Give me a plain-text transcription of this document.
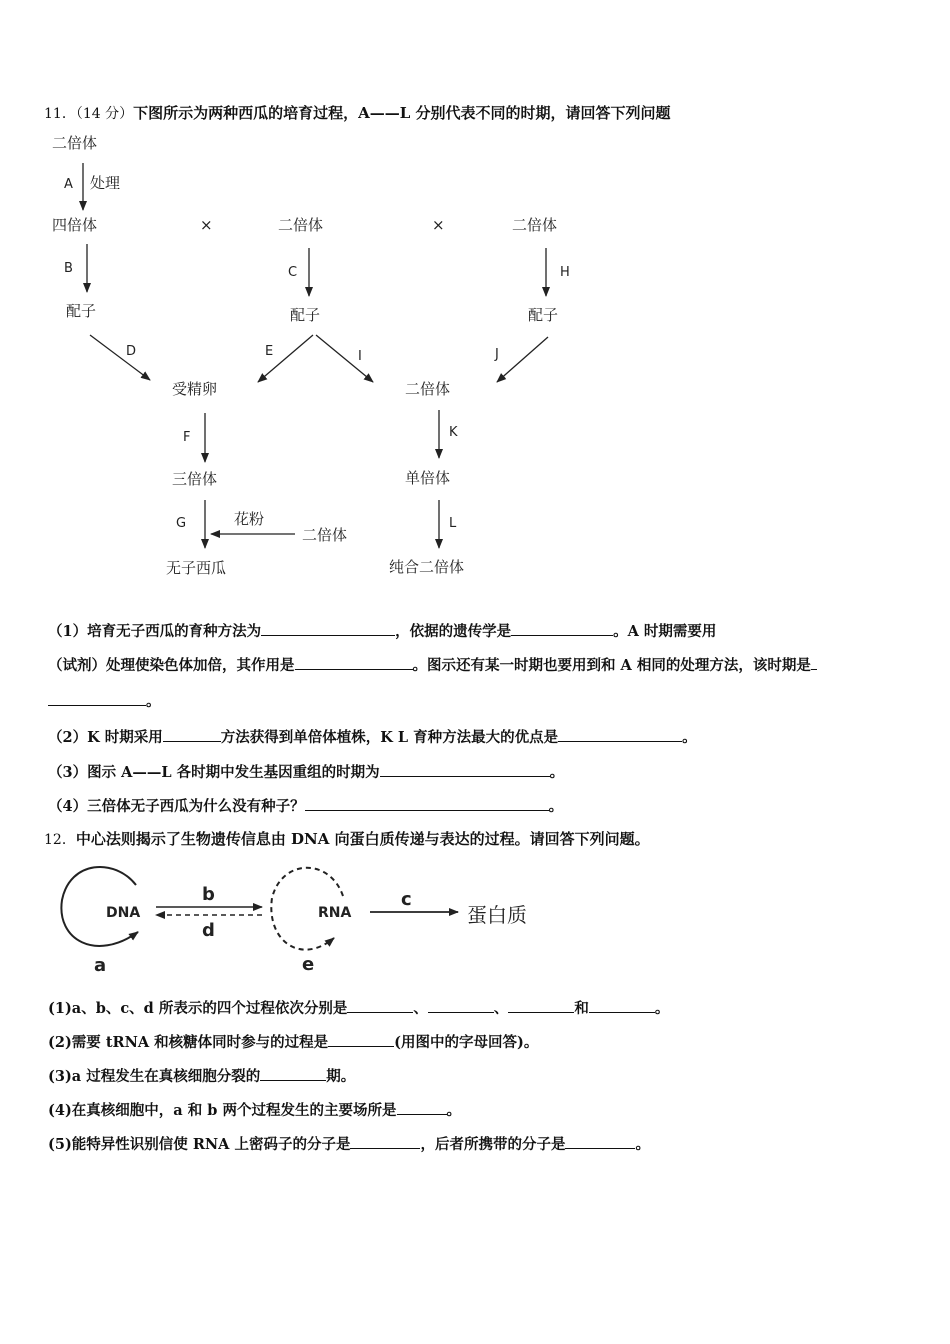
11．（14 分）下图所示为两种西瓜的培育过程，A——L 分别代表不同的时期，请回答下列问题
二倍体
A 处理
四倍体	×	二倍体	×	二倍体
B	C	H
配子	配子	配子
D	E	I	J
受精卵	二倍体
F	K
三倍体	单倍体
G	花粉
二倍体
L
无子西瓜	纯合二倍体
（1）培育无子西瓜的育种方法为	，依据的遗传学是	。A 时期需要用
（试剂）处理使染色体加倍，其作用是	。图示还有某一时期也要用到和 A 相同的处理方法，该时期是
。
（2）K 时期采用	方法获得到单倍体植株，K L 育种方法最大的优点是	。
（3）图示 A——L 各时期中发生基因重组的时期为	。
（4）三倍体无子西瓜为什么没有种子？	。
12．中心法则揭示了生物遗传信息由 DNA 向蛋白质传递与表达的过程。请回答下列问题。
DNA	RNA	蛋白质
b
d
c
a	e
(1)a、b、c、d 所表示的四个过程依次分别是	、	、	和	。
(2)需要 tRNA 和核糖体同时参与的过程是	(用图中的字母回答)。
(3)a 过程发生在真核细胞分裂的	期。
(4)在真核细胞中，a 和 b 两个过程发生的主要场所是	。
(5)能特异性识别信使 RNA 上密码子的分子是	，后者所携带的分子是	。
